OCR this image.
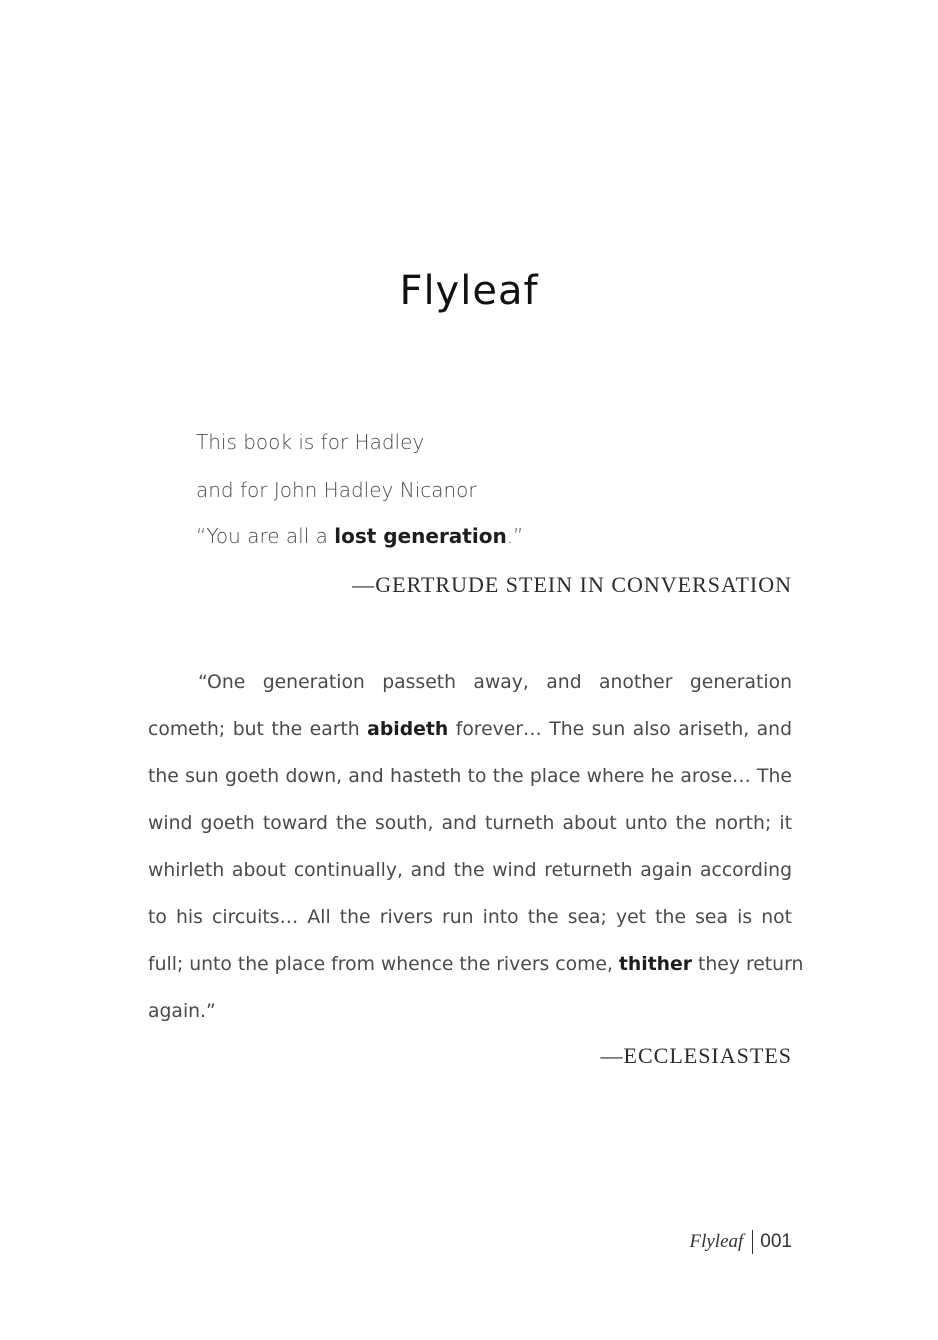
Flyleaf
This book is for Hadley
and for John Hadley Nicanor
“You are all a lost generation.”
—GERTRUDE STEIN IN CONVERSATION
“One generation passeth away, and another generation
cometh; but the earth abideth forever… The sun also ariseth, and
the sun goeth down, and hasteth to the place where he arose… The
wind goeth toward the south, and turneth about unto the north; it
whirleth about continually, and the wind returneth again according
to his circuits… All the rivers run into the sea; yet the sea is not
full; unto the place from whence the rivers come, thither they return
again.”
—ECCLESIASTES
Flyleaf 001
